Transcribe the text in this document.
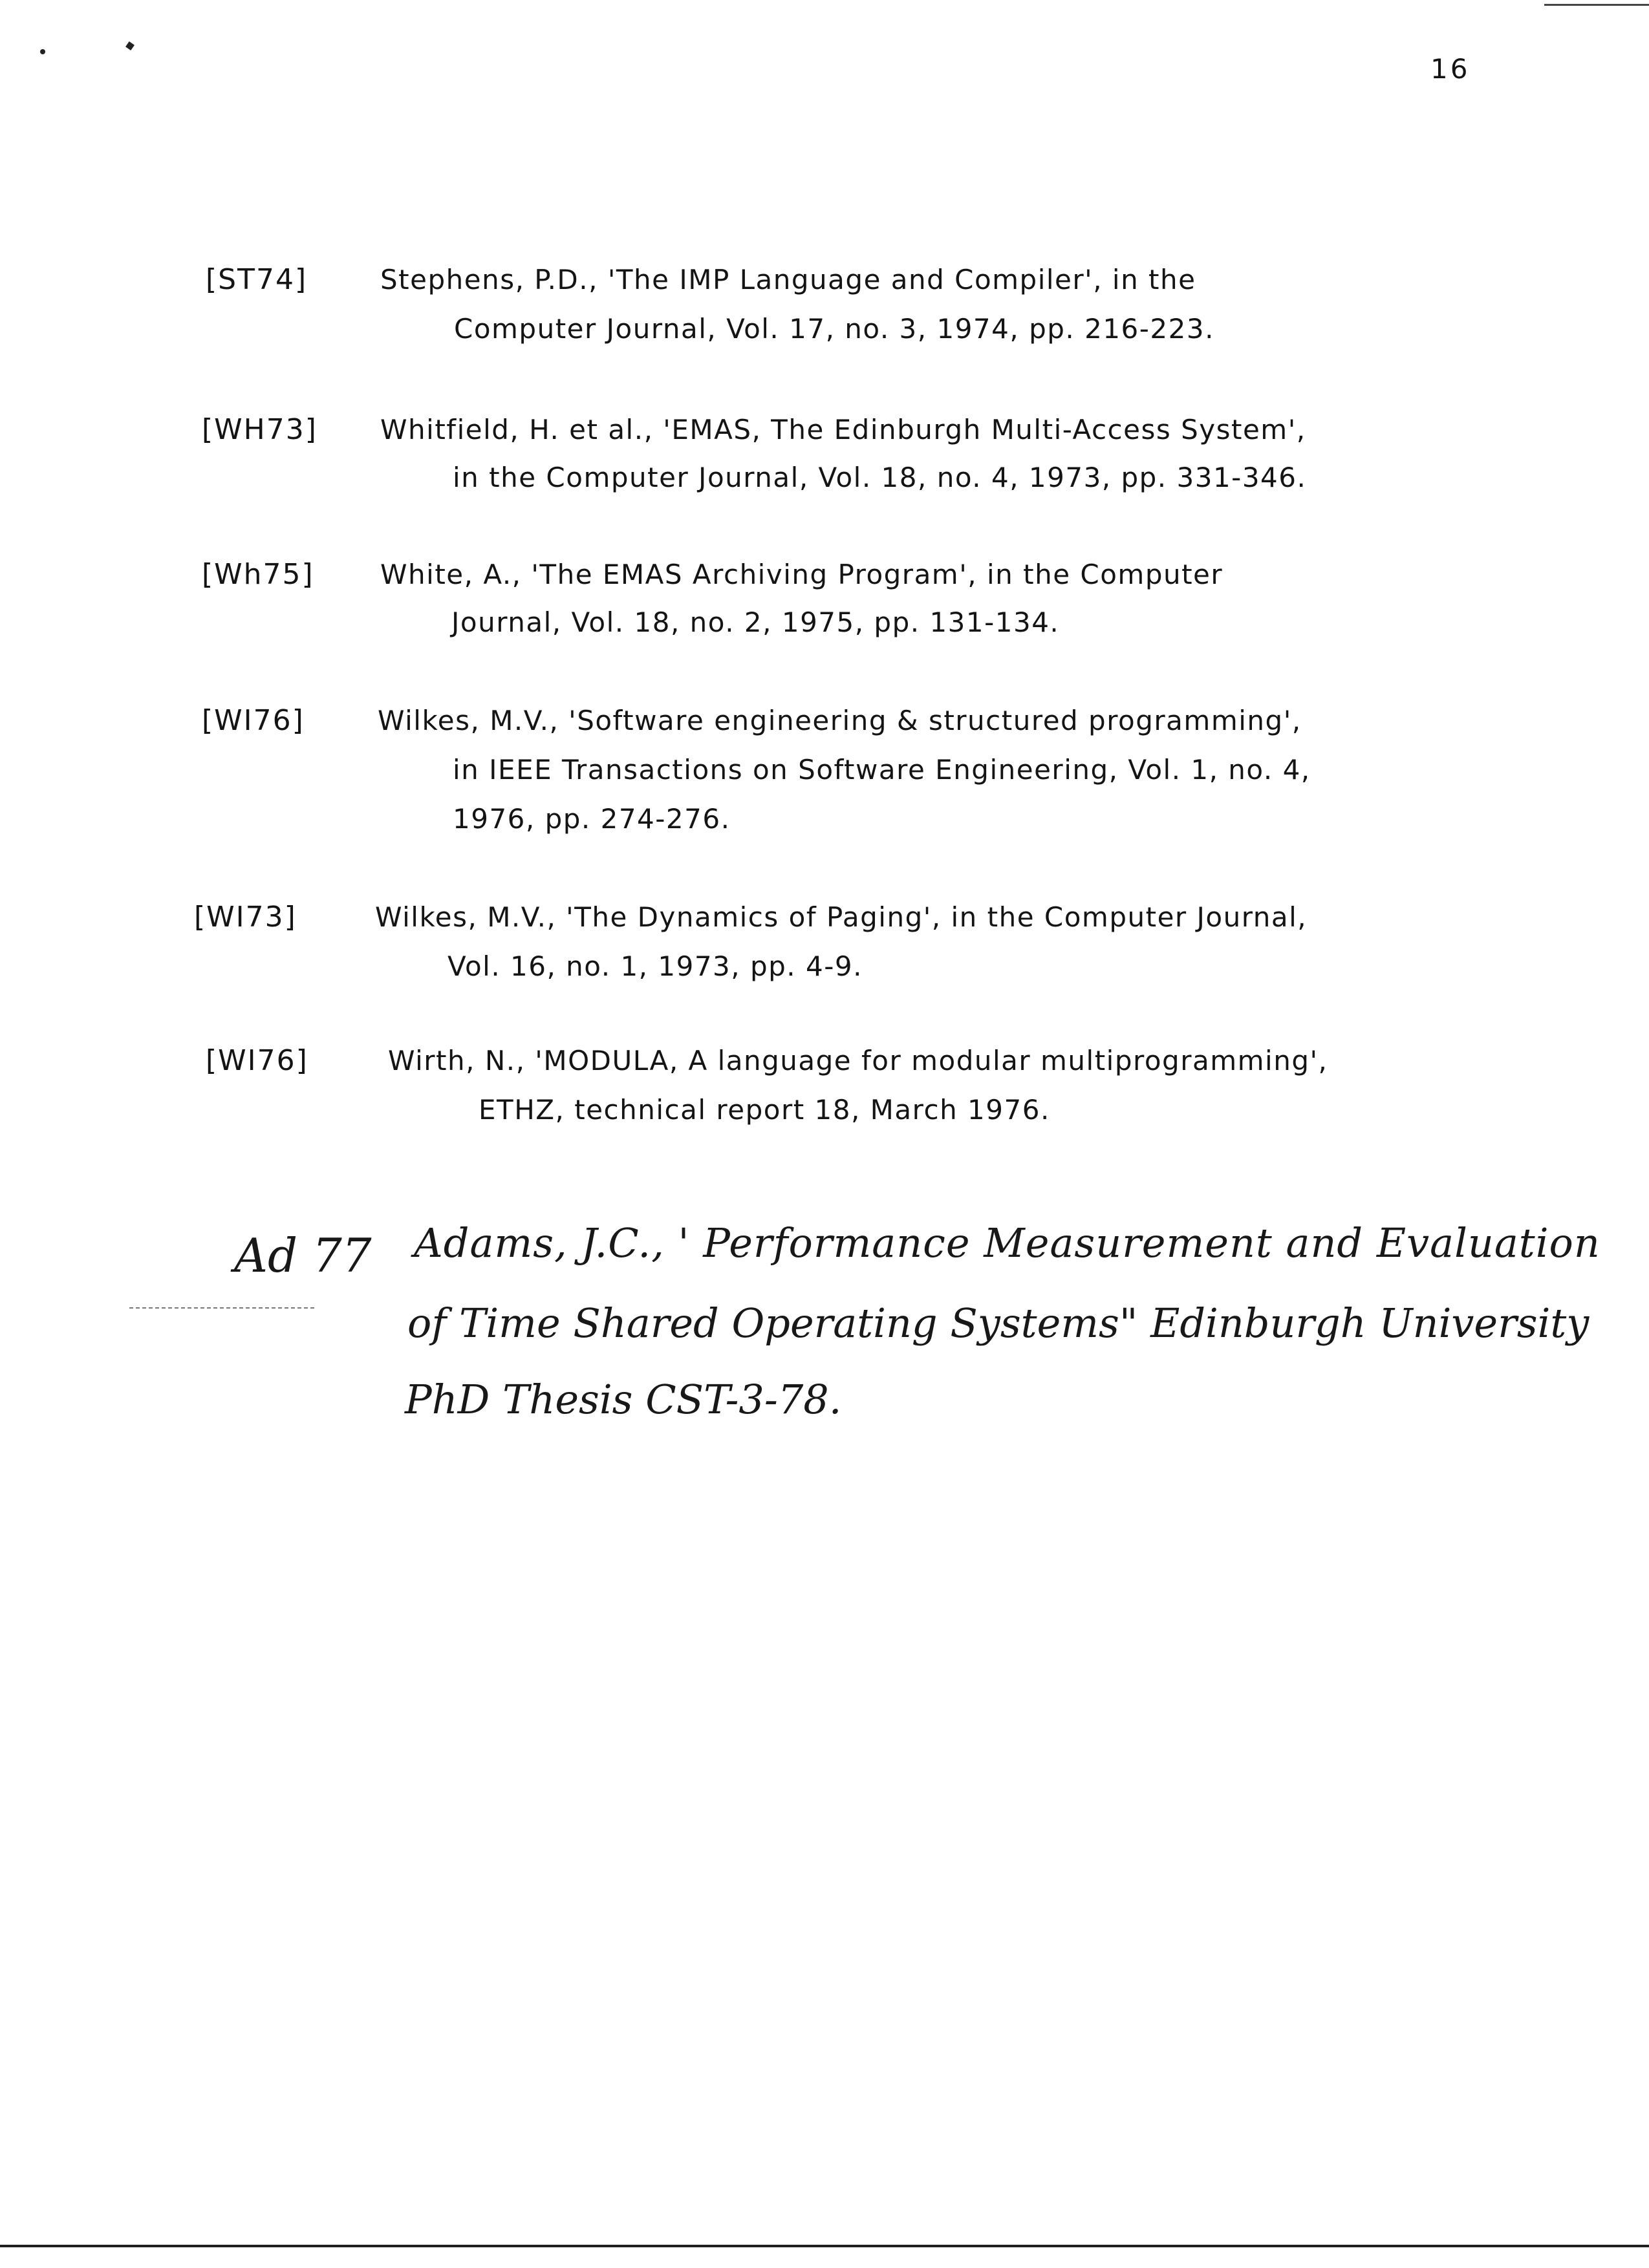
16
[ST74]	Stephens, P.D., 'The IMP Language and Compiler', in the
Computer Journal, Vol. 17, no. 3, 1974, pp. 216-223.
[WH73] Whitfield, H. et al., 'EMAS, The Edinburgh Multi-Access System',
in the Computer Journal, Vol. 18, no. 4, 1973, pp. 331-346.
[Wh75] White, A., 'The EMAS Archiving Program', in the Computer
Journal, Vol. 18, no. 2, 1975, pp. 131-134.
[WI76]	Wilkes, M.V., 'Software engineering & structured programming',
in IEEE Transactions on Software Engineering, Vol. 1, no. 4,
1976, pp. 274-276.
[WI73]	Wilkes, M.V., 'The Dynamics of Paging', in the Computer Journal,
Vol. 16, no. 1, 1973, pp. 4-9.
[WI76]	Wirth, N., 'MODULA, A language for modular multiprogramming',
ETHZ, technical report 18, March 1976.
Ad 77 Adams, J.C., ' Performance Measurement and Evaluation
of Time Shared Operating Systems" Edinburgh University
PhD Thesis CST-3-78.
